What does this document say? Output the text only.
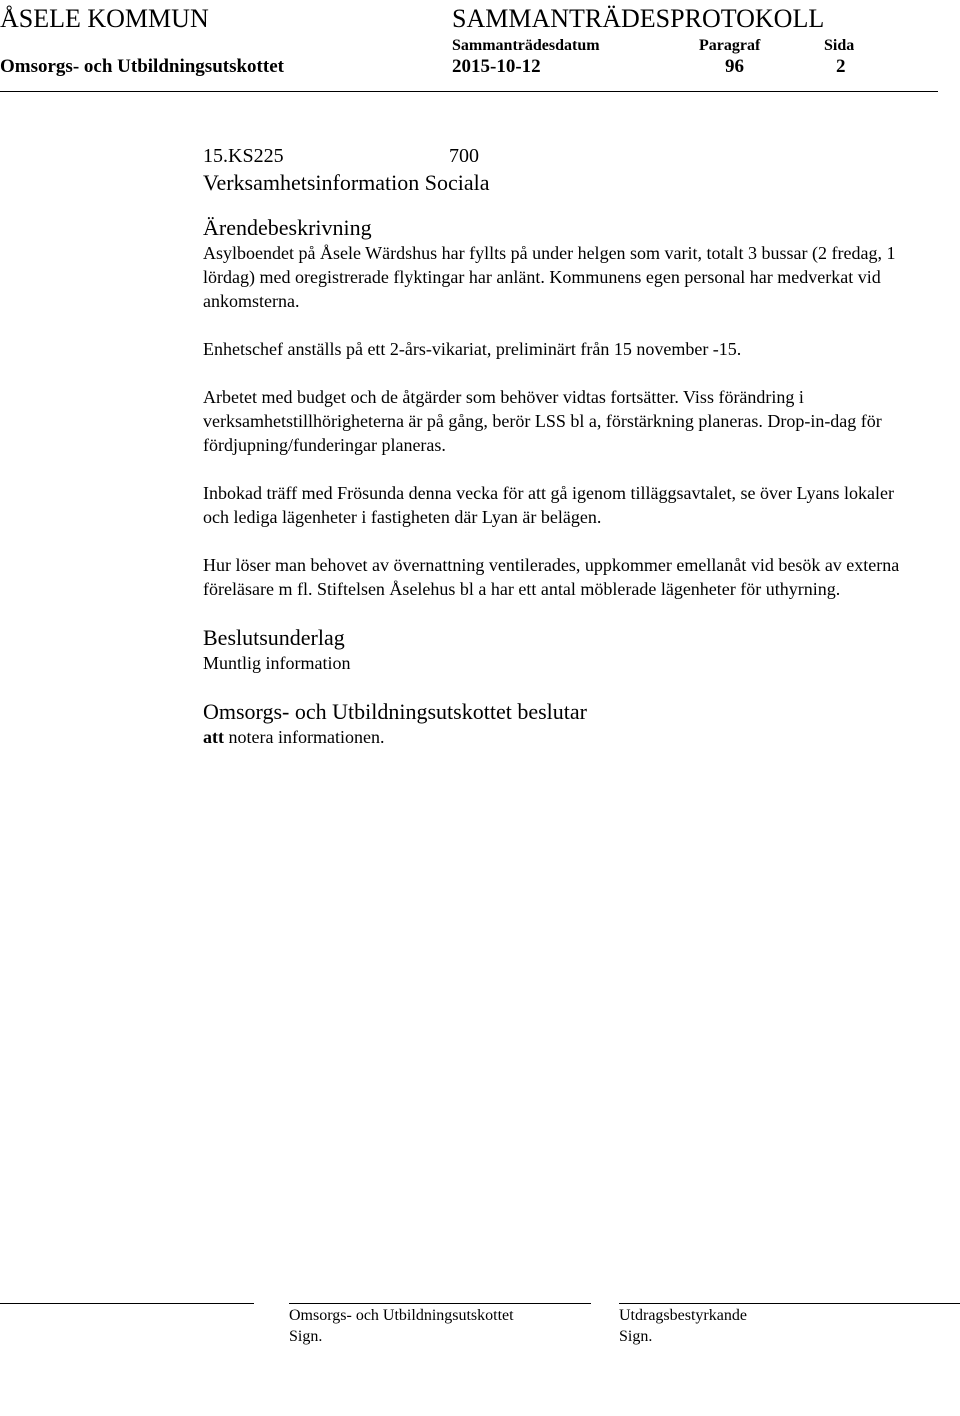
ÅSELE KOMMUN	SAMMANTRÄDESPROTOKOLL
Sammanträdesdatum	Paragraf	Sida
Omsorgs- och Utbildningsutskottet	2015-10-12	96	2
15.KS225	700
Verksamhetsinformation Sociala
Ärendebeskrivning

Asylboendet på Åsele Wärdshus har fyllts på under helgen som varit, totalt 3 bussar (2 fredag, 1 lördag) med oregistrerade flyktingar har anlänt. Kommunens egen personal har medverkat vid ankomsterna.

Enhetschef anställs på ett 2-års-vikariat, preliminärt från 15 november -15.

Arbetet med budget och de åtgärder som behöver vidtas fortsätter. Viss förändring i verksamhetstillhörigheterna är på gång, berör LSS bl a, förstärkning planeras. Drop-in-dag för fördjupning/funderingar planeras.

Inbokad träff med Frösunda denna vecka för att gå igenom tilläggsavtalet, se över Lyans lokaler och lediga lägenheter i fastigheten där Lyan är belägen.

Hur löser man behovet av övernattning ventilerades, uppkommer emellanåt vid besök av externa föreläsare m fl. Stiftelsen Åselehus bl a har ett antal möblerade lägenheter för uthyrning.

Beslutsunderlag

Muntlig information

Omsorgs- och Utbildningsutskottet beslutar

att notera informationen.

Omsorgs- och Utbildningsutskottet
Sign.
Utdragsbestyrkande
Sign.
